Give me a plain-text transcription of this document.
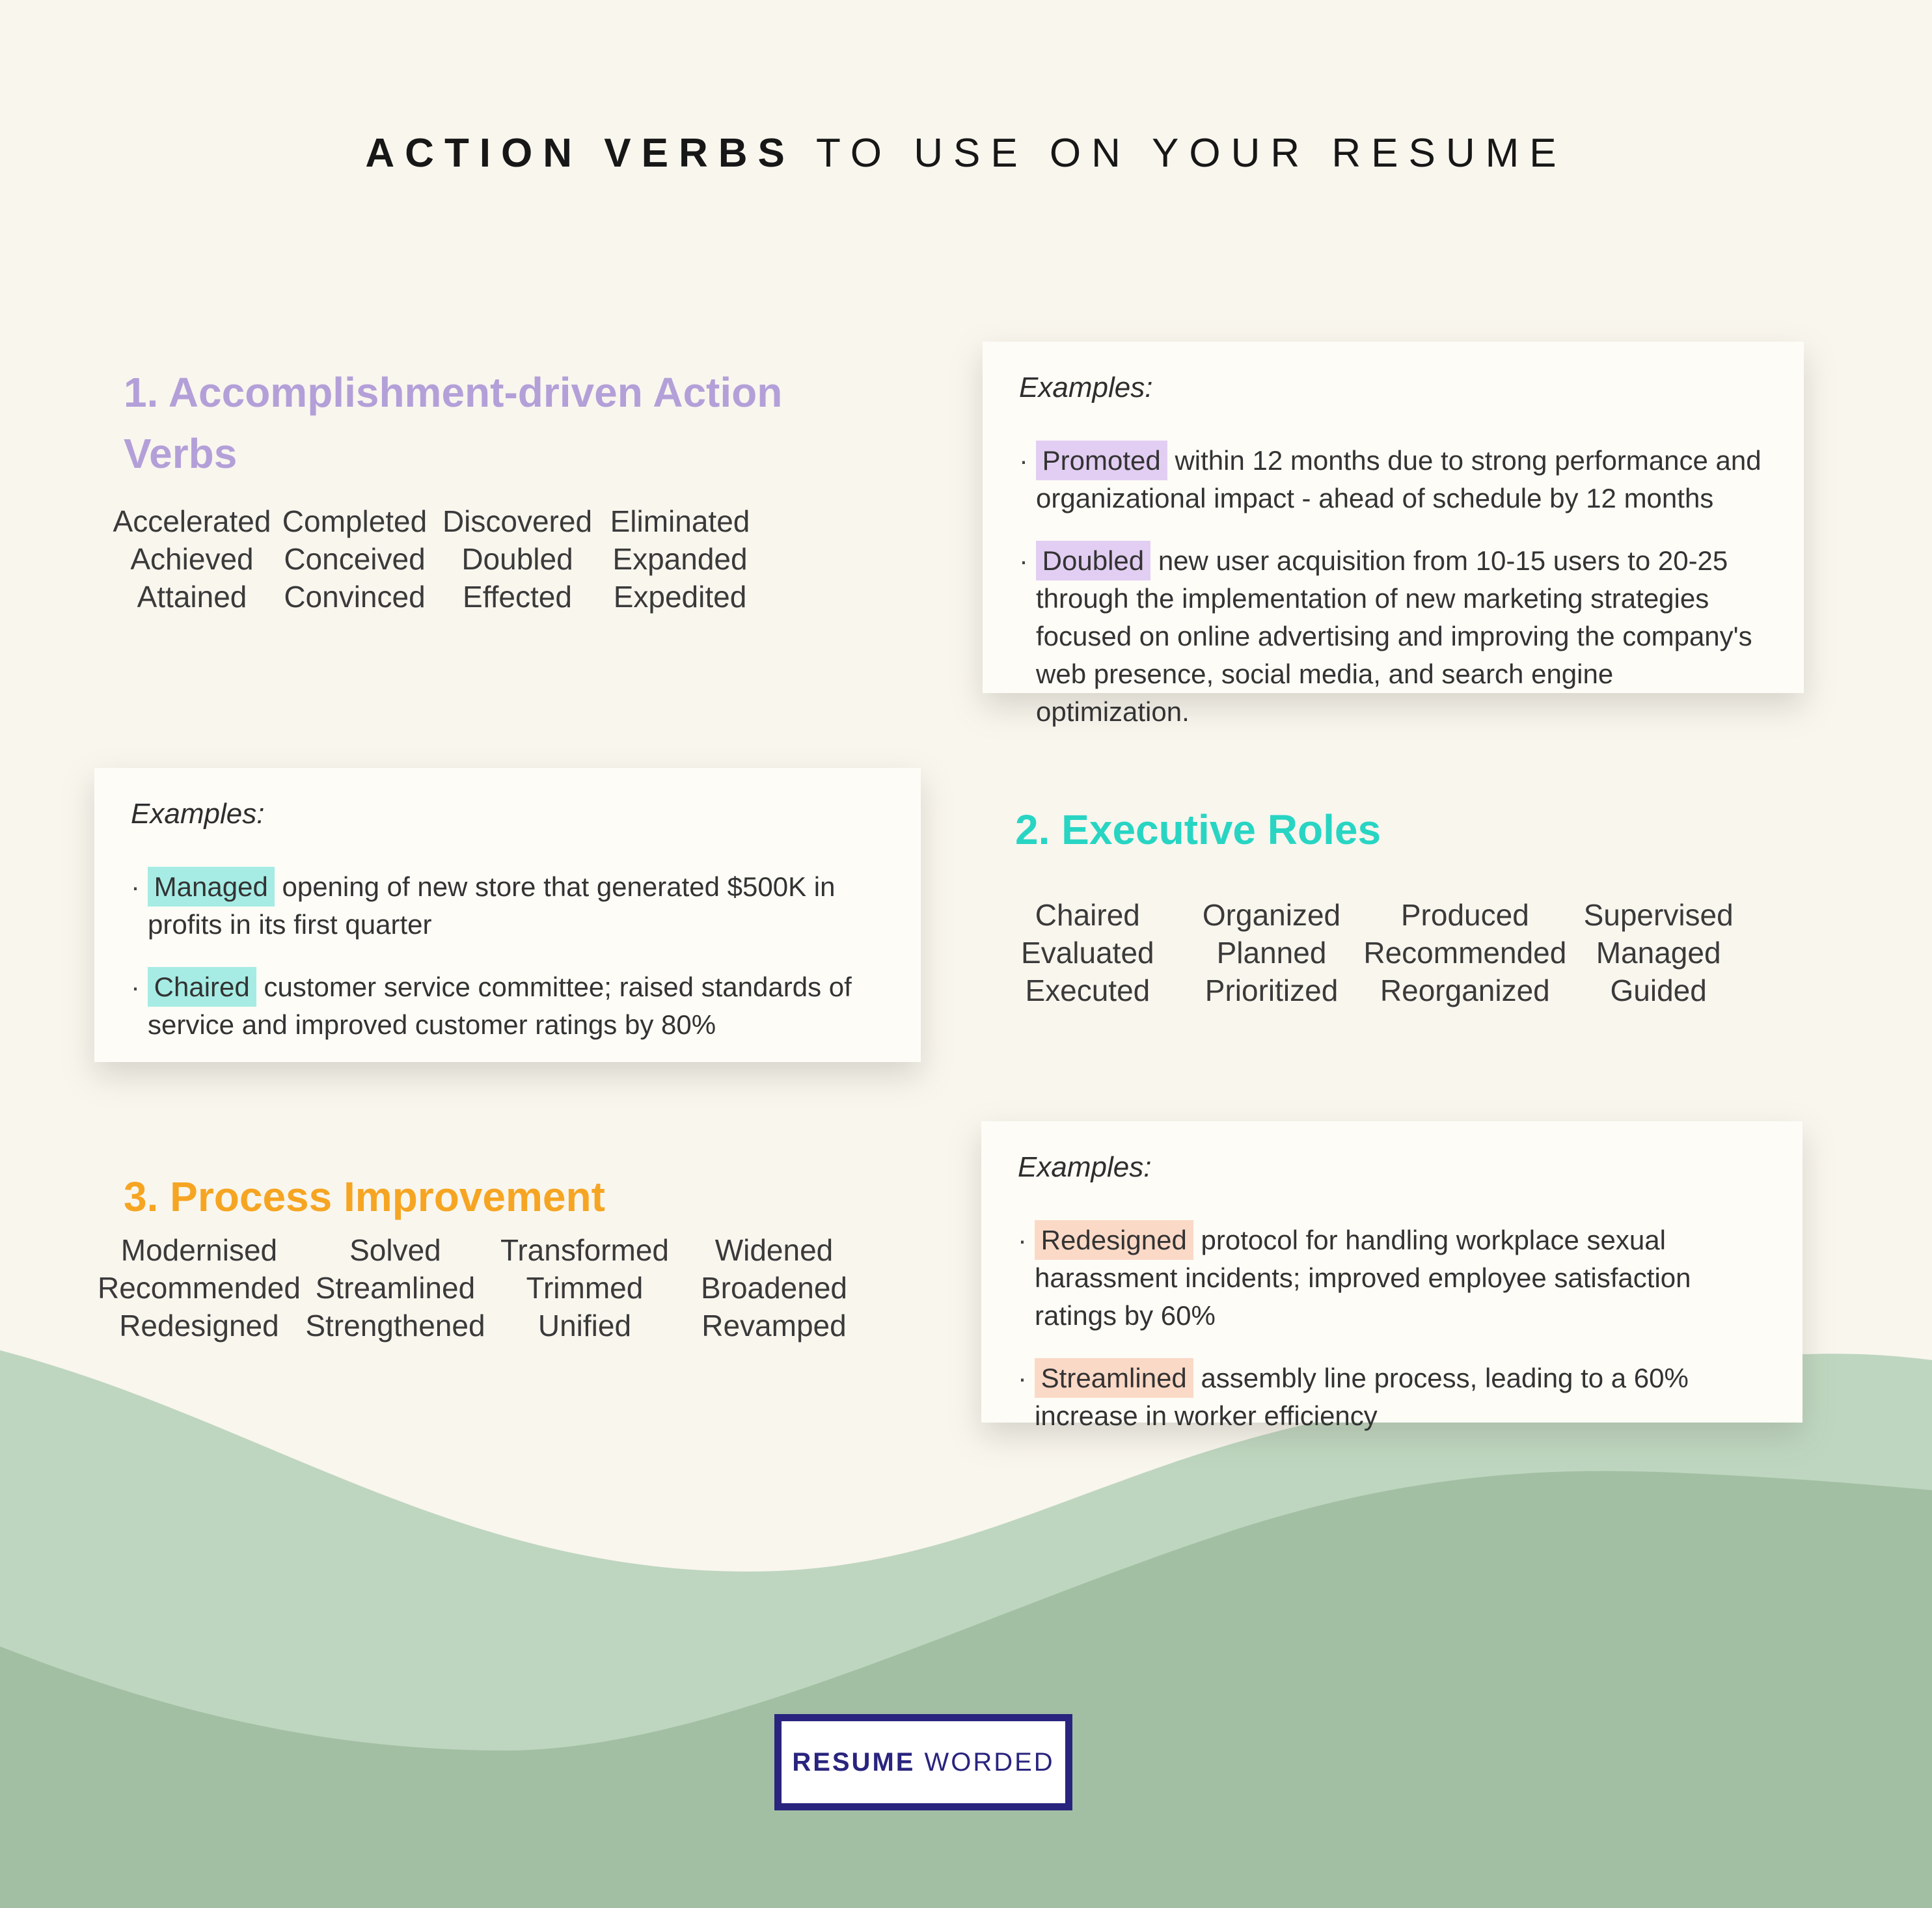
ACTION VERBS TO USE ON YOUR RESUME
1. Accomplishment-driven Action Verbs
Accelerated
Achieved
Attained
Completed
Conceived
Convinced
Discovered
Doubled
Effected
Eliminated
Expanded
Expedited

Examples:

· Promoted within 12 months due to strong performance and organizational impact - ahead of schedule by 12 months
· Doubled new user acquisition from 10-15 users to 20-25 through the implementation of new marketing strategies focused on online advertising and improving the company's web presence, social media, and search engine optimization.

Examples:

· Managed opening of new store that generated $500K in profits in its first quarter
· Chaired customer service committee; raised standards of service and improved customer ratings by 80%
2. Executive Roles
Chaired
Evaluated
Executed
Organized
Planned
Prioritized
Produced
Recommended
Reorganized
Supervised
Managed
Guided
3. Process Improvement
Modernised
Recommended
Redesigned
Solved
Streamlined
Strengthened
Transformed
Trimmed
Unified
Widened
Broadened
Revamped

Examples:

· Redesigned protocol for handling workplace sexual harassment incidents; improved employee satisfaction ratings by 60%
· Streamlined assembly line process, leading to a 60% increase in worker efficiency
RESUME WORDED
